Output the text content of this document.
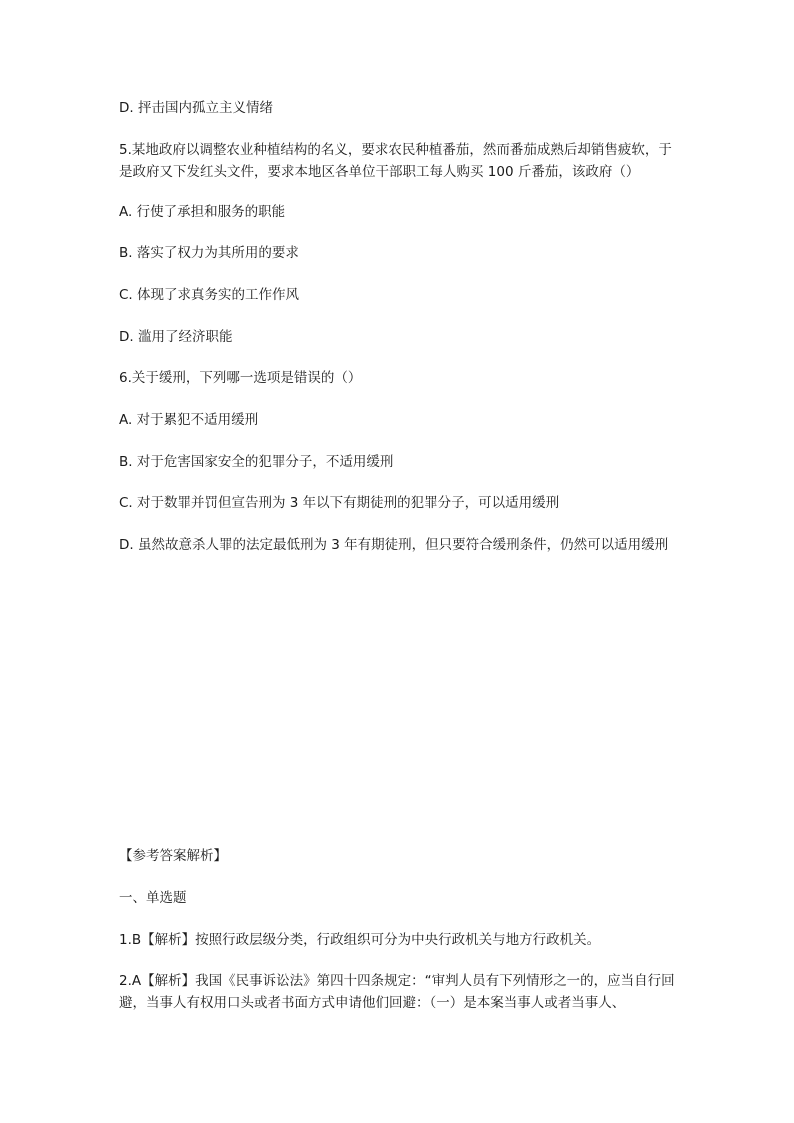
D. 抨击国内孤立主义情绪
5.某地政府以调整农业种植结构的名义，要求农民种植番茄，然而番茄成熟后却销售疲软，于是政府又下发红头文件，要求本地区各单位干部职工每人购买 100 斤番茄，该政府（）
A. 行使了承担和服务的职能
B. 落实了权力为其所用的要求
C. 体现了求真务实的工作作风
D. 滥用了经济职能
6.关于缓刑，下列哪一选项是错误的（）
A. 对于累犯不适用缓刑
B. 对于危害国家安全的犯罪分子，不适用缓刑
C. 对于数罪并罚但宣告刑为 3 年以下有期徒刑的犯罪分子，可以适用缓刑
D. 虽然故意杀人罪的法定最低刑为 3 年有期徒刑，但只要符合缓刑条件，仍然可以适用缓刑
【参考答案解析】
一、单选题
1.B【解析】按照行政层级分类，行政组织可分为中央行政机关与地方行政机关。
2.A【解析】我国《民事诉讼法》第四十四条规定：“审判人员有下列情形之一的，应当自行回避，当事人有权用口头或者书面方式申请他们回避：（一）是本案当事人或者当事人、
